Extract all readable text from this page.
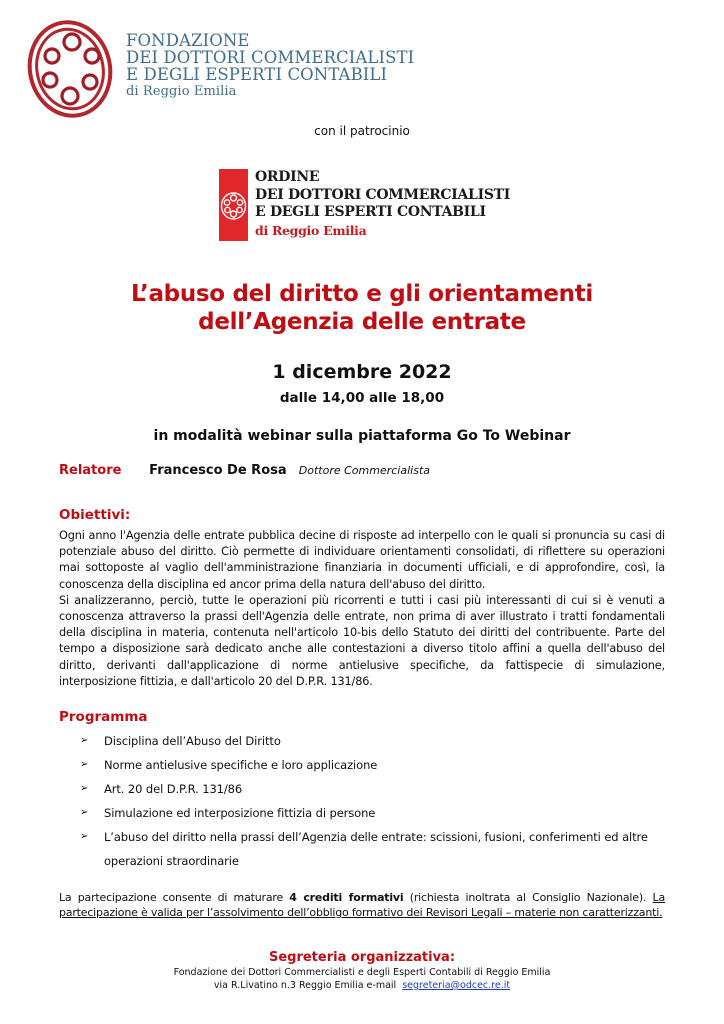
FONDAZIONE
DEI DOTTORI COMMERCIALISTI
E DEGLI ESPERTI CONTABILI
di Reggio Emilia
con il patrocinio
ORDINE
DEI DOTTORI COMMERCIALISTI
E DEGLI ESPERTI CONTABILI
di Reggio Emilia
L’abuso del diritto e gli orientamenti
dell’Agenzia delle entrate
1 dicembre 2022
dalle 14,00 alle 18,00
in modalità webinar sulla piattaforma Go To Webinar
Relatore Francesco De Rosa Dottore Commercialista
Obiettivi:

Ogni anno l'Agenzia delle entrate pubblica decine di risposte ad interpello con le quali si pronuncia su casi di potenziale abuso del diritto. Ciò permette di individuare orientamenti consolidati, di riflettere su operazioni mai sottoposte al vaglio dell'amministrazione finanziaria in documenti ufficiali, e di approfondire, così, la conoscenza della disciplina ed ancor prima della natura dell'abuso del diritto.

Si analizzeranno, perciò, tutte le operazioni più ricorrenti e tutti i casi più interessanti di cui si è venuti a conoscenza attraverso la prassi dell'Agenzia delle entrate, non prima di aver illustrato i tratti fondamentali della disciplina in materia, contenuta nell'articolo 10-bis dello Statuto dei diritti del contribuente. Parte del tempo a disposizione sarà dedicato anche alle contestazioni a diverso titolo affini a quella dell'abuso del diritto, derivanti dall'applicazione di norme antielusive specifiche, da fattispecie di simulazione, interposizione fittizia, e dall'articolo 20 del D.P.R. 131/86.

Programma
➢ Disciplina dell’Abuso del Diritto
➢ Norme antielusive specifiche e loro applicazione
➢ Art. 20 del D.P.R. 131/86
➢ Simulazione ed interposizione fittizia di persone
➢ L’abuso del diritto nella prassi dell’Agenzia delle entrate: scissioni, fusioni, conferimenti ed altre operazioni straordinarie
La partecipazione consente di maturare 4 crediti formativi (richiesta inoltrata al Consiglio Nazionale). La partecipazione è valida per l’assolvimento dell’obbligo formativo dei Revisori Legali – materie non caratterizzanti.
Segreteria organizzativa:
Fondazione dei Dottori Commercialisti e degli Esperti Contabili di Reggio Emilia
via R.Livatino n.3 Reggio Emilia e-mail segreteria@odcec.re.it
